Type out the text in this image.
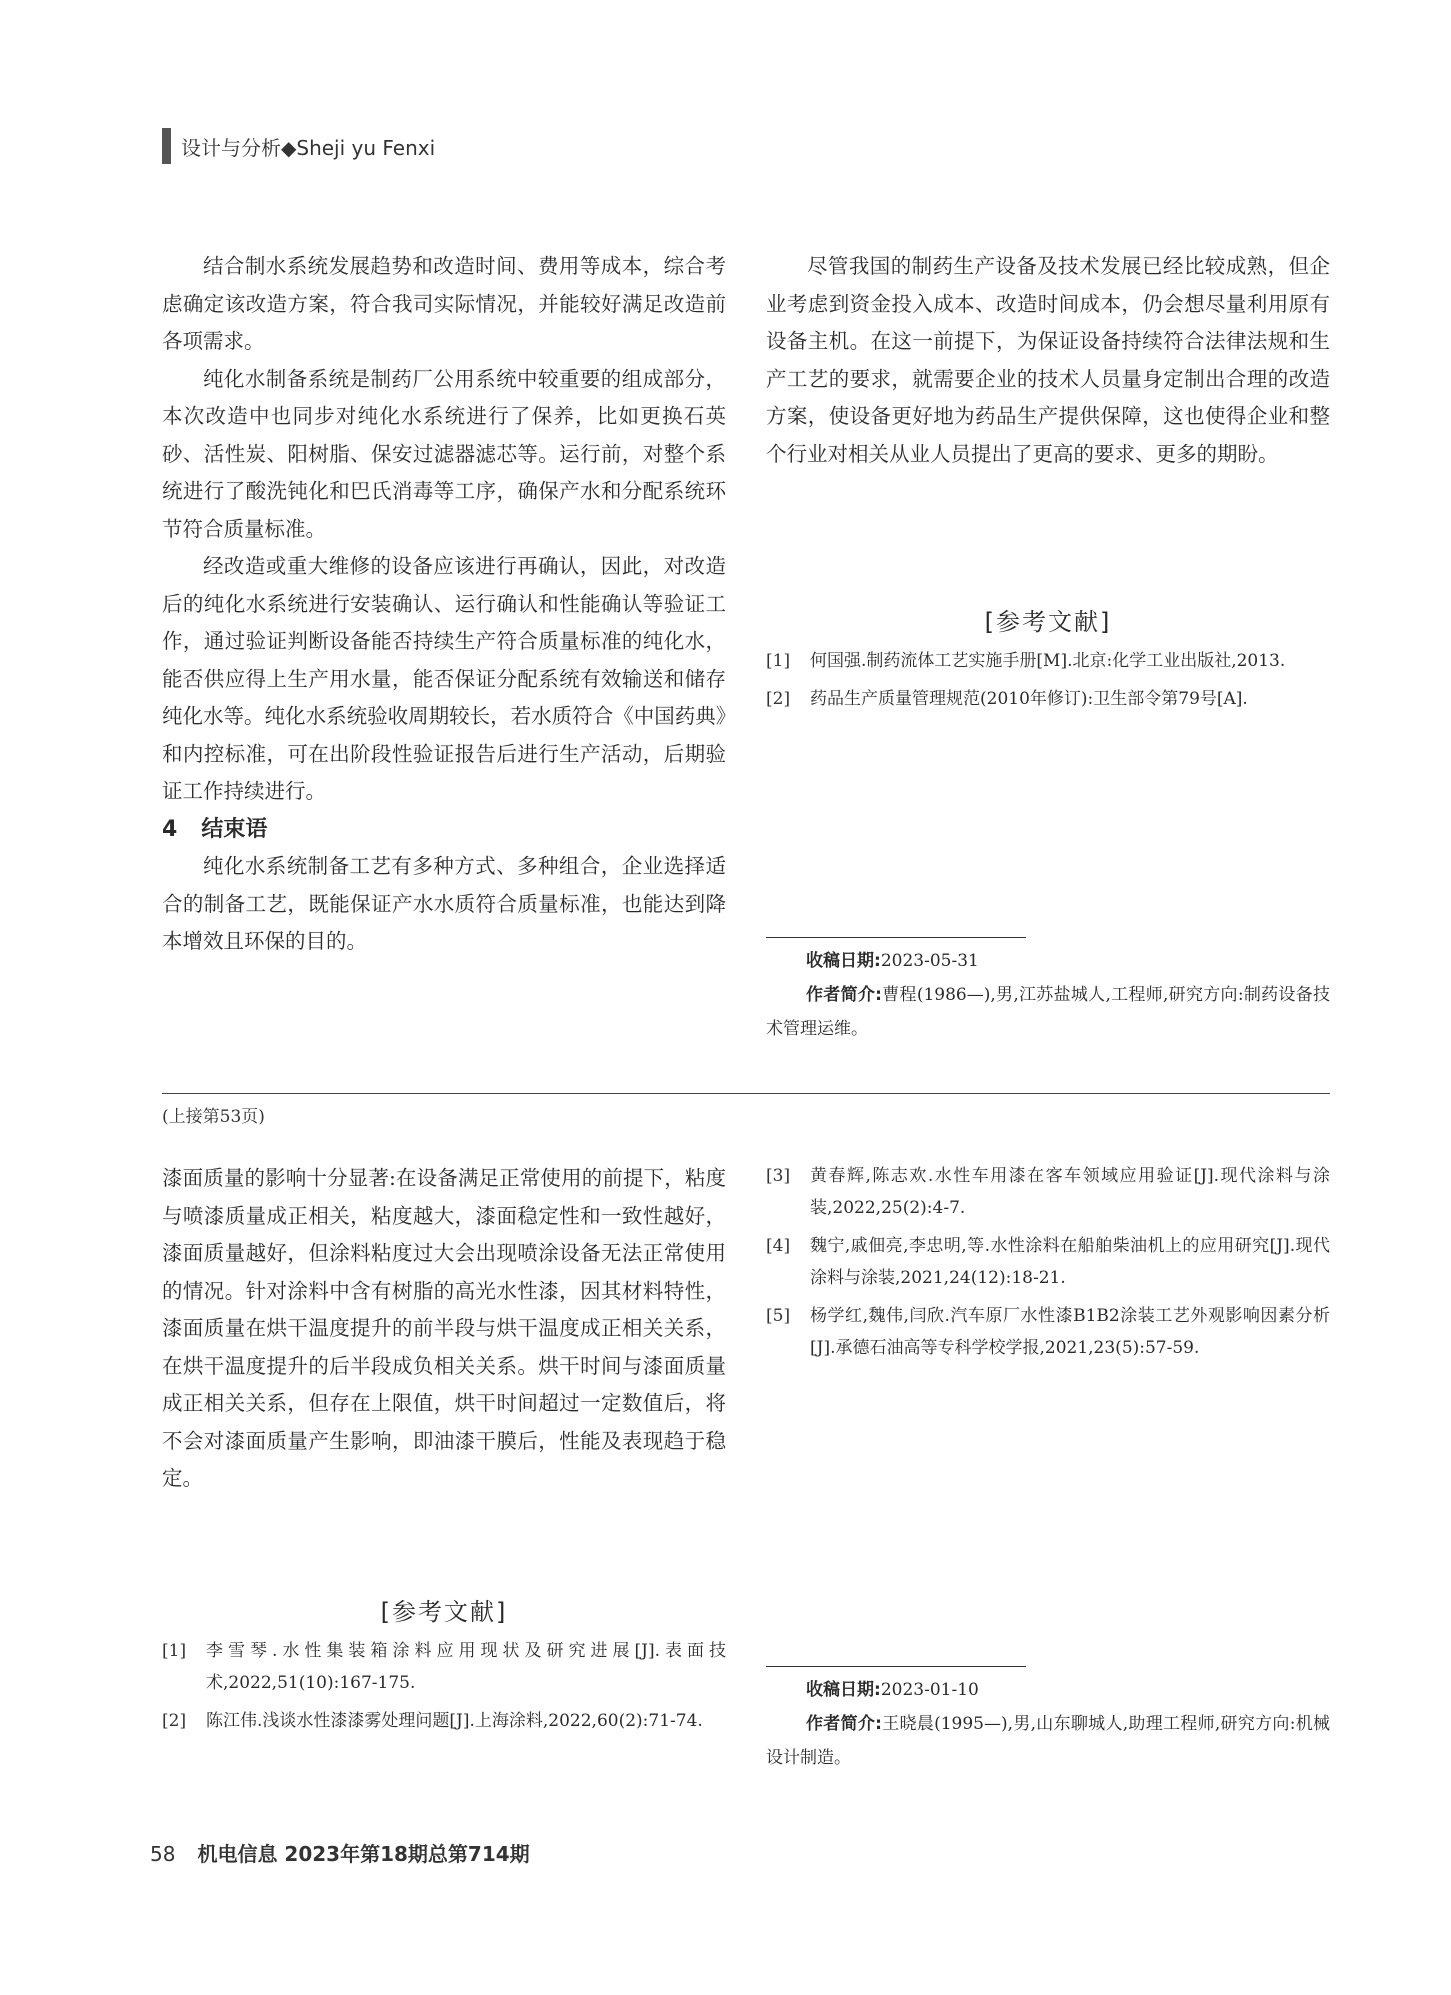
设计与分析◆Sheji yu Fenxi

结合制水系统发展趋势和改造时间、费用等成本，综合考虑确定该改造方案，符合我司实际情况，并能较好满足改造前各项需求。

纯化水制备系统是制药厂公用系统中较重要的组成部分，本次改造中也同步对纯化水系统进行了保养，比如更换石英砂、活性炭、阳树脂、保安过滤器滤芯等。运行前，对整个系统进行了酸洗钝化和巴氏消毒等工序，确保产水和分配系统环节符合质量标准。

经改造或重大维修的设备应该进行再确认，因此，对改造后的纯化水系统进行安装确认、运行确认和性能确认等验证工作，通过验证判断设备能否持续生产符合质量标准的纯化水，能否供应得上生产用水量，能否保证分配系统有效输送和储存纯化水等。纯化水系统验收周期较长，若水质符合《中国药典》和内控标准，可在出阶段性验证报告后进行生产活动，后期验证工作持续进行。

4 结束语

纯化水系统制备工艺有多种方式、多种组合，企业选择适合的制备工艺，既能保证产水水质符合质量标准，也能达到降本增效且环保的目的。

尽管我国的制药生产设备及技术发展已经比较成熟，但企业考虑到资金投入成本、改造时间成本，仍会想尽量利用原有设备主机。在这一前提下，为保证设备持续符合法律法规和生产工艺的要求，就需要企业的技术人员量身定制出合理的改造方案，使设备更好地为药品生产提供保障，这也使得企业和整个行业对相关从业人员提出了更高的要求、更多的期盼。

[参考文献]
[1]	何国强.制药流体工艺实施手册[M].北京:化学工业出版社,2013.
[2]	药品生产质量管理规范(2010年修订):卫生部令第79号[A].
收稿日期:2023-05-31
作者简介:曹程(1986—),男,江苏盐城人,工程师,研究方向:制药设备技术管理运维。
(上接第53页)

漆面质量的影响十分显著:在设备满足正常使用的前提下，粘度与喷漆质量成正相关，粘度越大，漆面稳定性和一致性越好，漆面质量越好，但涂料粘度过大会出现喷涂设备无法正常使用的情况。针对涂料中含有树脂的高光水性漆，因其材料特性，漆面质量在烘干温度提升的前半段与烘干温度成正相关关系，在烘干温度提升的后半段成负相关关系。烘干时间与漆面质量成正相关关系，但存在上限值，烘干时间超过一定数值后，将不会对漆面质量产生影响，即油漆干膜后，性能及表现趋于稳定。

[参考文献]
[1]	李雪琴.水性集装箱涂料应用现状及研究进展[J].表面技术,2022,51(10):167-175.
[2]	陈江伟.浅谈水性漆漆雾处理问题[J].上海涂料,2022,60(2):71-74.
[3]	黄春辉,陈志欢.水性车用漆在客车领域应用验证[J].现代涂料与涂装,2022,25(2):4-7.
[4]	魏宁,戚佃亮,李忠明,等.水性涂料在船舶柴油机上的应用研究[J].现代涂料与涂装,2021,24(12):18-21.
[5]	杨学红,魏伟,闫欣.汽车原厂水性漆B1B2涂装工艺外观影响因素分析[J].承德石油高等专科学校学报,2021,23(5):57-59.
收稿日期:2023-01-10
作者简介:王晓晨(1995—),男,山东聊城人,助理工程师,研究方向:机械设计制造。
58 机电信息 2023年第18期总第714期
